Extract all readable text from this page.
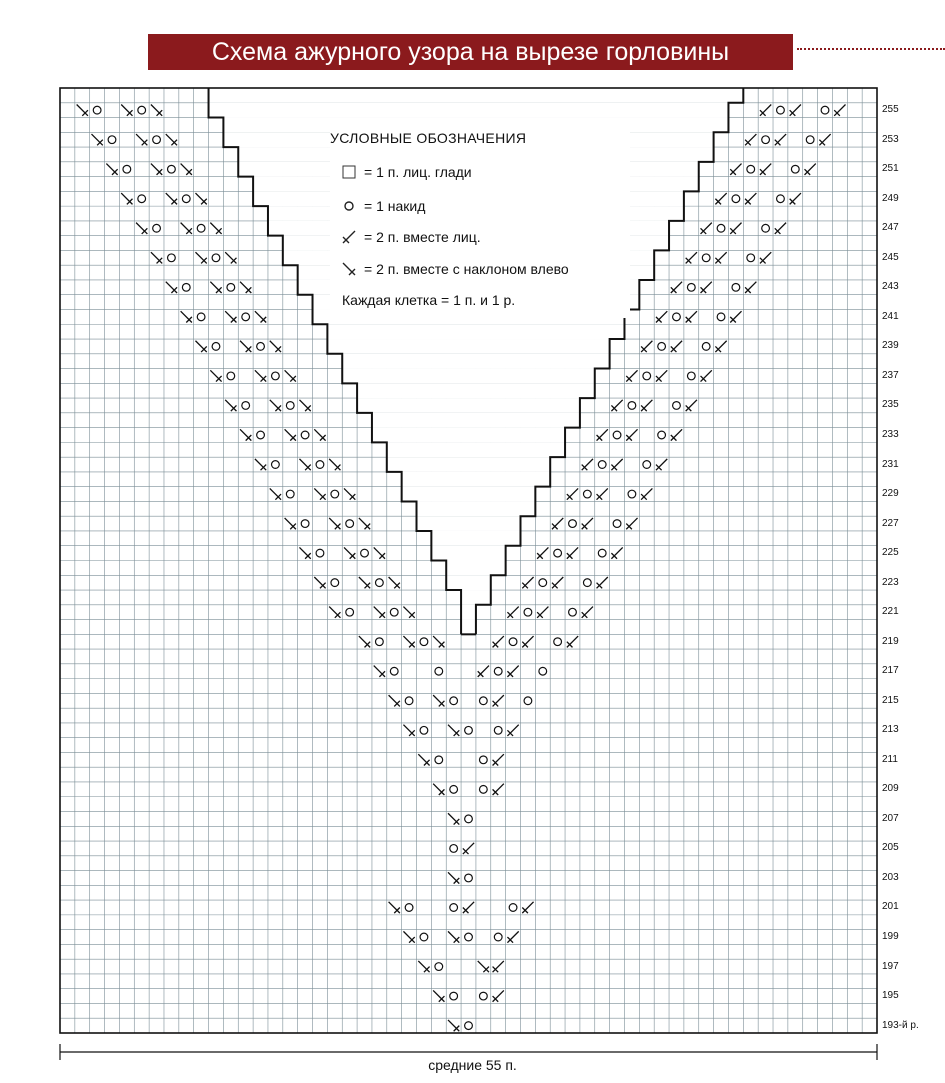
Схема ажурного узора на вырезе горловины
255
253
251
249
247
245
243
241
239
237
235
233
231
229
227
225
223
221
219
217
215
213
211
209
207
205
203
201
199
197
195
193-й р.
УСЛОВНЫЕ ОБОЗНАЧЕНИЯ
= 1 п. лиц. глади
= 1 накид
= 2 п. вместе лиц.
= 2 п. вместе с наклоном влево
Каждая клетка = 1 п. и 1 р.
средние 55 п.
